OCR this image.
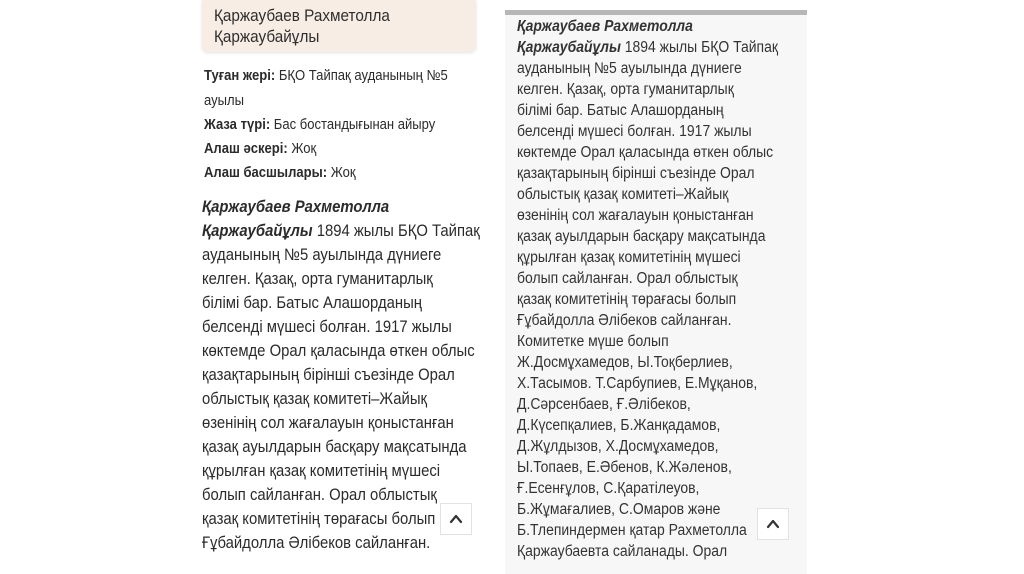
Қаржаубаев Рахметолла
Қаржаубайұлы
Туған жері: БҚО Тайпақ ауданының №5
ауылы
Жаза түрі: Бас бостандығынан айыру
Алаш әскері: Жоқ
Алаш басшылары: Жоқ
Қаржаубаев Рахметолла
Қаржаубайұлы 1894 жылы БҚО Тайпақ
ауданының №5 ауылында дүниеге
келген. Қазақ, орта гуманитарлық
білімі бар. Батыс Алашорданың
белсенді мүшесі болған. 1917 жылы
көктемде Орал қаласында өткен облыс
қазақтарының бірінші съезінде Орал
облыстық қазақ комитеті–Жайық
өзенінің сол жағалауын қоныстанған
қазақ ауылдарын басқару мақсатында
құрылған қазақ комитетінің мүшесі
болып сайланған. Орал облыстық
қазақ комитетінің төрағасы болып
Ғұбайдолла Әлібеков сайланған.
Қаржаубаев Рахметолла
Қаржаубайұлы 1894 жылы БҚО Тайпақ
ауданының №5 ауылында дүниеге
келген. Қазақ, орта гуманитарлық
білімі бар. Батыс Алашорданың
белсенді мүшесі болған. 1917 жылы
көктемде Орал қаласында өткен облыс
қазақтарының бірінші съезінде Орал
облыстық қазақ комитеті–Жайық
өзенінің сол жағалауын қоныстанған
қазақ ауылдарын басқару мақсатында
құрылған қазақ комитетінің мүшесі
болып сайланған. Орал облыстық
қазақ комитетінің төрағасы болып
Ғұбайдолла Әлібеков сайланған.
Комитетке мүше болып
Ж.Досмұхамедов, Ы.Тоқберлиев,
Х.Тасымов. Т.Сарбупиев, Е.Мұқанов,
Д.Сәрсенбаев, Ғ.Әлібеков,
Д.Күсепқалиев, Б.Жанқадамов,
Д.Жұлдызов, Х.Досмұхамедов,
Ы.Топаев, Е.Әбенов, К.Жәленов,
Ғ.Есенғұлов, С.Қаратілеуов,
Б.Жұмағалиев, С.Омаров және
Б.Тлепиндермен қатар Рахметолла
Қаржаубаевта сайланады. Орал
